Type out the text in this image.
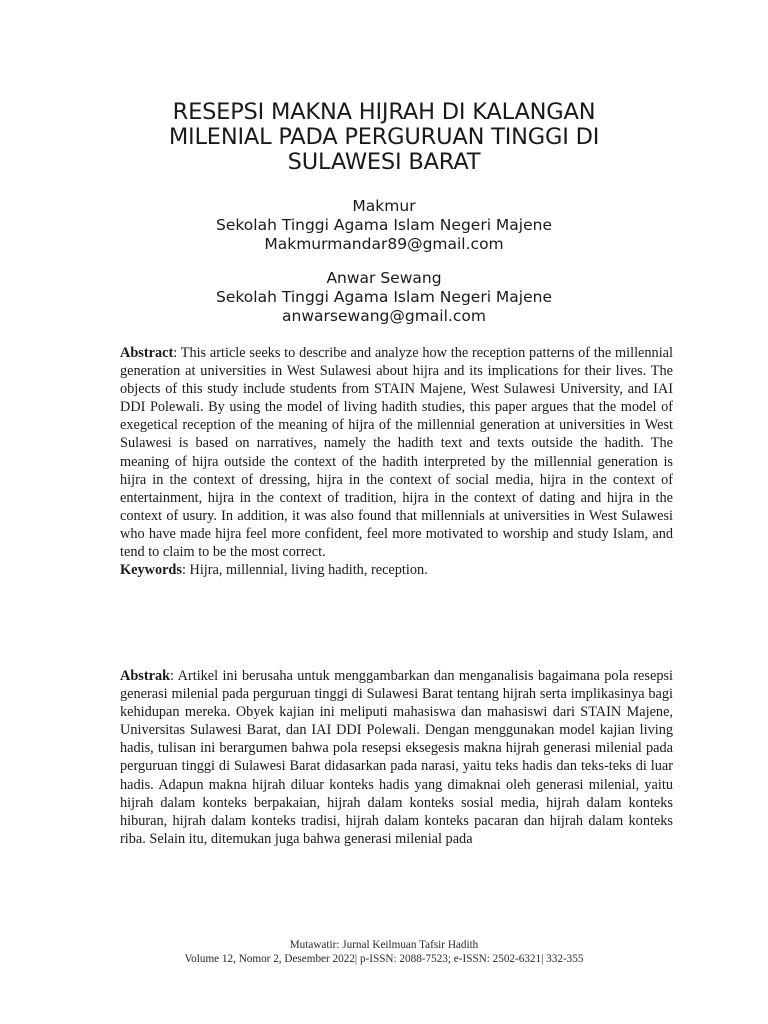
RESEPSI MAKNA HIJRAH DI KALANGAN
MILENIAL PADA PERGURUAN TINGGI DI
SULAWESI BARAT
Makmur
Sekolah Tinggi Agama Islam Negeri Majene
Makmurmandar89@gmail.com
Anwar Sewang
Sekolah Tinggi Agama Islam Negeri Majene
anwarsewang@gmail.com

Abstract: This article seeks to describe and analyze how the reception patterns of the millennial generation at universities in West Sulawesi about hijra and its implications for their lives. The objects of this study include students from STAIN Majene, West Sulawesi University, and IAI DDI Polewali. By using the model of living hadith studies, this paper argues that the model of exegetical reception of the meaning of hijra of the millennial generation at universities in West Sulawesi is based on narratives, namely the hadith text and texts outside the hadith. The meaning of hijra outside the context of the hadith interpreted by the millennial generation is hijra in the context of dressing, hijra in the context of social media, hijra in the context of entertainment, hijra in the context of tradition, hijra in the context of dating and hijra in the context of usury. In addition, it was also found that millennials at universities in West Sulawesi who have made hijra feel more confident, feel more motivated to worship and study Islam, and tend to claim to be the most correct.

Keywords: Hijra, millennial, living hadith, reception.

Abstrak: Artikel ini berusaha untuk menggambarkan dan menganalisis bagaimana pola resepsi generasi milenial pada perguruan tinggi di Sulawesi Barat tentang hijrah serta implikasinya bagi kehidupan mereka. Obyek kajian ini meliputi mahasiswa dan mahasiswi dari STAIN Majene, Universitas Sulawesi Barat, dan IAI DDI Polewali. Dengan menggunakan model kajian living hadis, tulisan ini berargumen bahwa pola resepsi eksegesis makna hijrah generasi milenial pada perguruan tinggi di Sulawesi Barat didasarkan pada narasi, yaitu teks hadis dan teks-teks di luar hadis. Adapun makna hijrah diluar konteks hadis yang dimaknai oleh generasi milenial, yaitu hijrah dalam konteks berpakaian, hijrah dalam konteks sosial media, hijrah dalam konteks hiburan, hijrah dalam konteks tradisi, hijrah dalam konteks pacaran dan hijrah dalam konteks riba. Selain itu, ditemukan juga bahwa generasi milenial pada

Mutawatir: Jurnal Keilmuan Tafsir Hadith
Volume 12, Nomor 2, Desember 2022| p-ISSN: 2088-7523; e-ISSN: 2502-6321| 332-355
